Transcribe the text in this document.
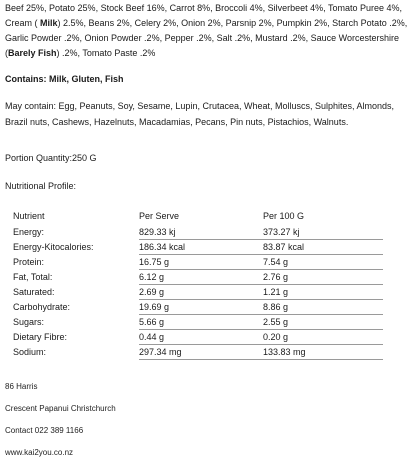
Beef 25%, Potato 25%, Stock Beef 16%, Carrot 8%, Broccoli 4%, Silverbeet 4%, Tomato Puree 4%, Cream ( Milk) 2.5%, Beans 2%, Celery 2%, Onion 2%, Parsnip 2%, Pumpkin 2%, Starch Potato .2%, Garlic Powder .2%, Onion Powder .2%, Pepper .2%, Salt .2%, Mustard .2%, Sauce Worcestershire (Barely Fish) .2%, Tomato Paste .2%

Contains: Milk, Gluten, Fish

May contain: Egg, Peanuts, Soy, Sesame, Lupin, Crutacea, Wheat, Molluscs, Sulphites, Almonds, Brazil nuts, Cashews, Hazelnuts, Macadamias, Pecans, Pin nuts, Pistachios, Walnuts.

Portion Quantity:250 G

Nutritional Profile:

Nutrient	Per Serve	Per 100 G
Energy:	829.33 kj	373.27 kj
Energy-Kitocalories:	186.34 kcal	83.87 kcal
Protein:	16.75 g	7.54 g
Fat, Total:	6.12 g	2.76 g
Saturated:	2.69 g	1.21 g
Carbohydrate:	19.69 g	8.86 g
Sugars:	5.66 g	2.55 g
Dietary Fibre:	0.44 g	0.20 g
Sodium:	297.34 mg	133.83 mg

86 Harris

Crescent Papanui Christchurch

Contact 022 389 1166

www.kai2you.co.nz
